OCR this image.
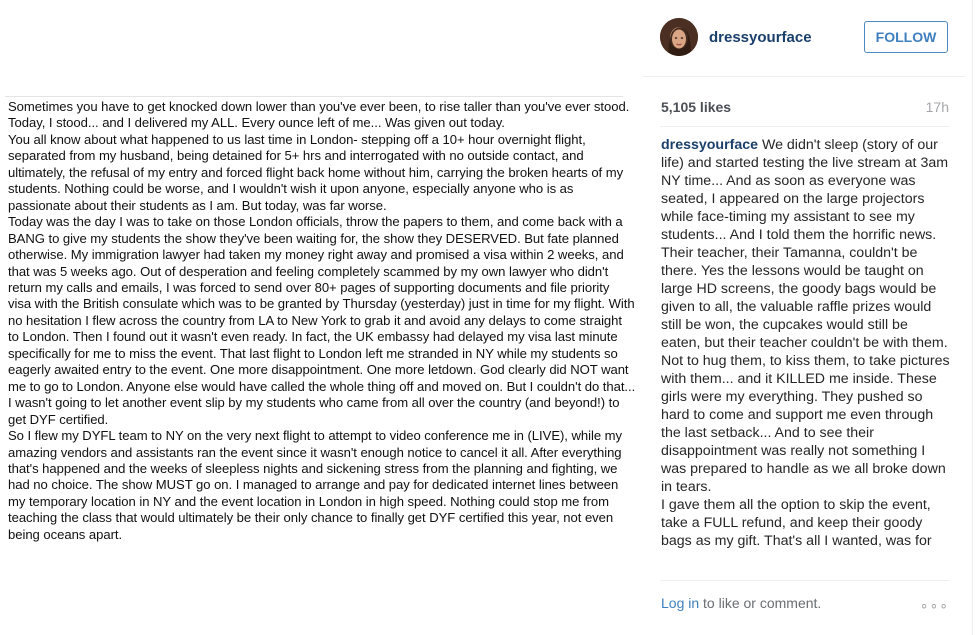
Sometimes you have to get knocked down lower than you've ever been, to rise taller than you've ever stood. Today, I stood... and I delivered my ALL. Every ounce left of me... Was given out today.

You all know about what happened to us last time in London- stepping off a 10+ hour overnight flight, separated from my husband, being detained for 5+ hrs and interrogated with no outside contact, and ultimately, the refusal of my entry and forced flight back home without him, carrying the broken hearts of my students. Nothing could be worse, and I wouldn't wish it upon anyone, especially anyone who is as passionate about their students as I am. But today, was far worse.

Today was the day I was to take on those London officials, throw the papers to them, and come back with a BANG to give my students the show they've been waiting for, the show they DESERVED. But fate planned otherwise. My immigration lawyer had taken my money right away and promised a visa within 2 weeks, and that was 5 weeks ago. Out of desperation and feeling completely scammed by my own lawyer who didn't return my calls and emails, I was forced to send over 80+ pages of supporting documents and file priority visa with the British consulate which was to be granted by Thursday (yesterday) just in time for my flight. With no hesitation I flew across the country from LA to New York to grab it and avoid any delays to come straight to London. Then I found out it wasn't even ready. In fact, the UK embassy had delayed my visa last minute specifically for me to miss the event. That last flight to London left me stranded in NY while my students so eagerly awaited entry to the event. One more disappointment. One more letdown. God clearly did NOT want me to go to London. Anyone else would have called the whole thing off and moved on. But I couldn't do that... I wasn't going to let another event slip by my students who came from all over the country (and beyond!) to get DYF certified.

So I flew my DYFL team to NY on the very next flight to attempt to video conference me in (LIVE), while my amazing vendors and assistants ran the event since it wasn't enough notice to cancel it all. After everything that's happened and the weeks of sleepless nights and sickening stress from the planning and fighting, we had no choice. The show MUST go on. I managed to arrange and pay for dedicated internet lines between my temporary location in NY and the event location in London in high speed. Nothing could stop me from teaching the class that would ultimately be their only chance to finally get DYF certified this year, not even being oceans apart.

dressyourface	FOLLOW
5,105 likes	17h

dressyourface We didn't sleep (story of our life) and started testing the live stream at 3am NY time... And as soon as everyone was seated, I appeared on the large projectors while face-timing my assistant to see my students... And I told them the horrific news. Their teacher, their Tamanna, couldn't be there. Yes the lessons would be taught on large HD screens, the goody bags would be given to all, the valuable raffle prizes would still be won, the cupcakes would still be eaten, but their teacher couldn't be with them. Not to hug them, to kiss them, to take pictures with them... and it KILLED me inside. These girls were my everything. They pushed so hard to come and support me even through the last setback... And to see their disappointment was really not something I was prepared to handle as we all broke down in tears.

I gave them all the option to skip the event, take a FULL refund, and keep their goody bags as my gift. That's all I wanted, was for

Log in to like or comment.	∘∘∘
